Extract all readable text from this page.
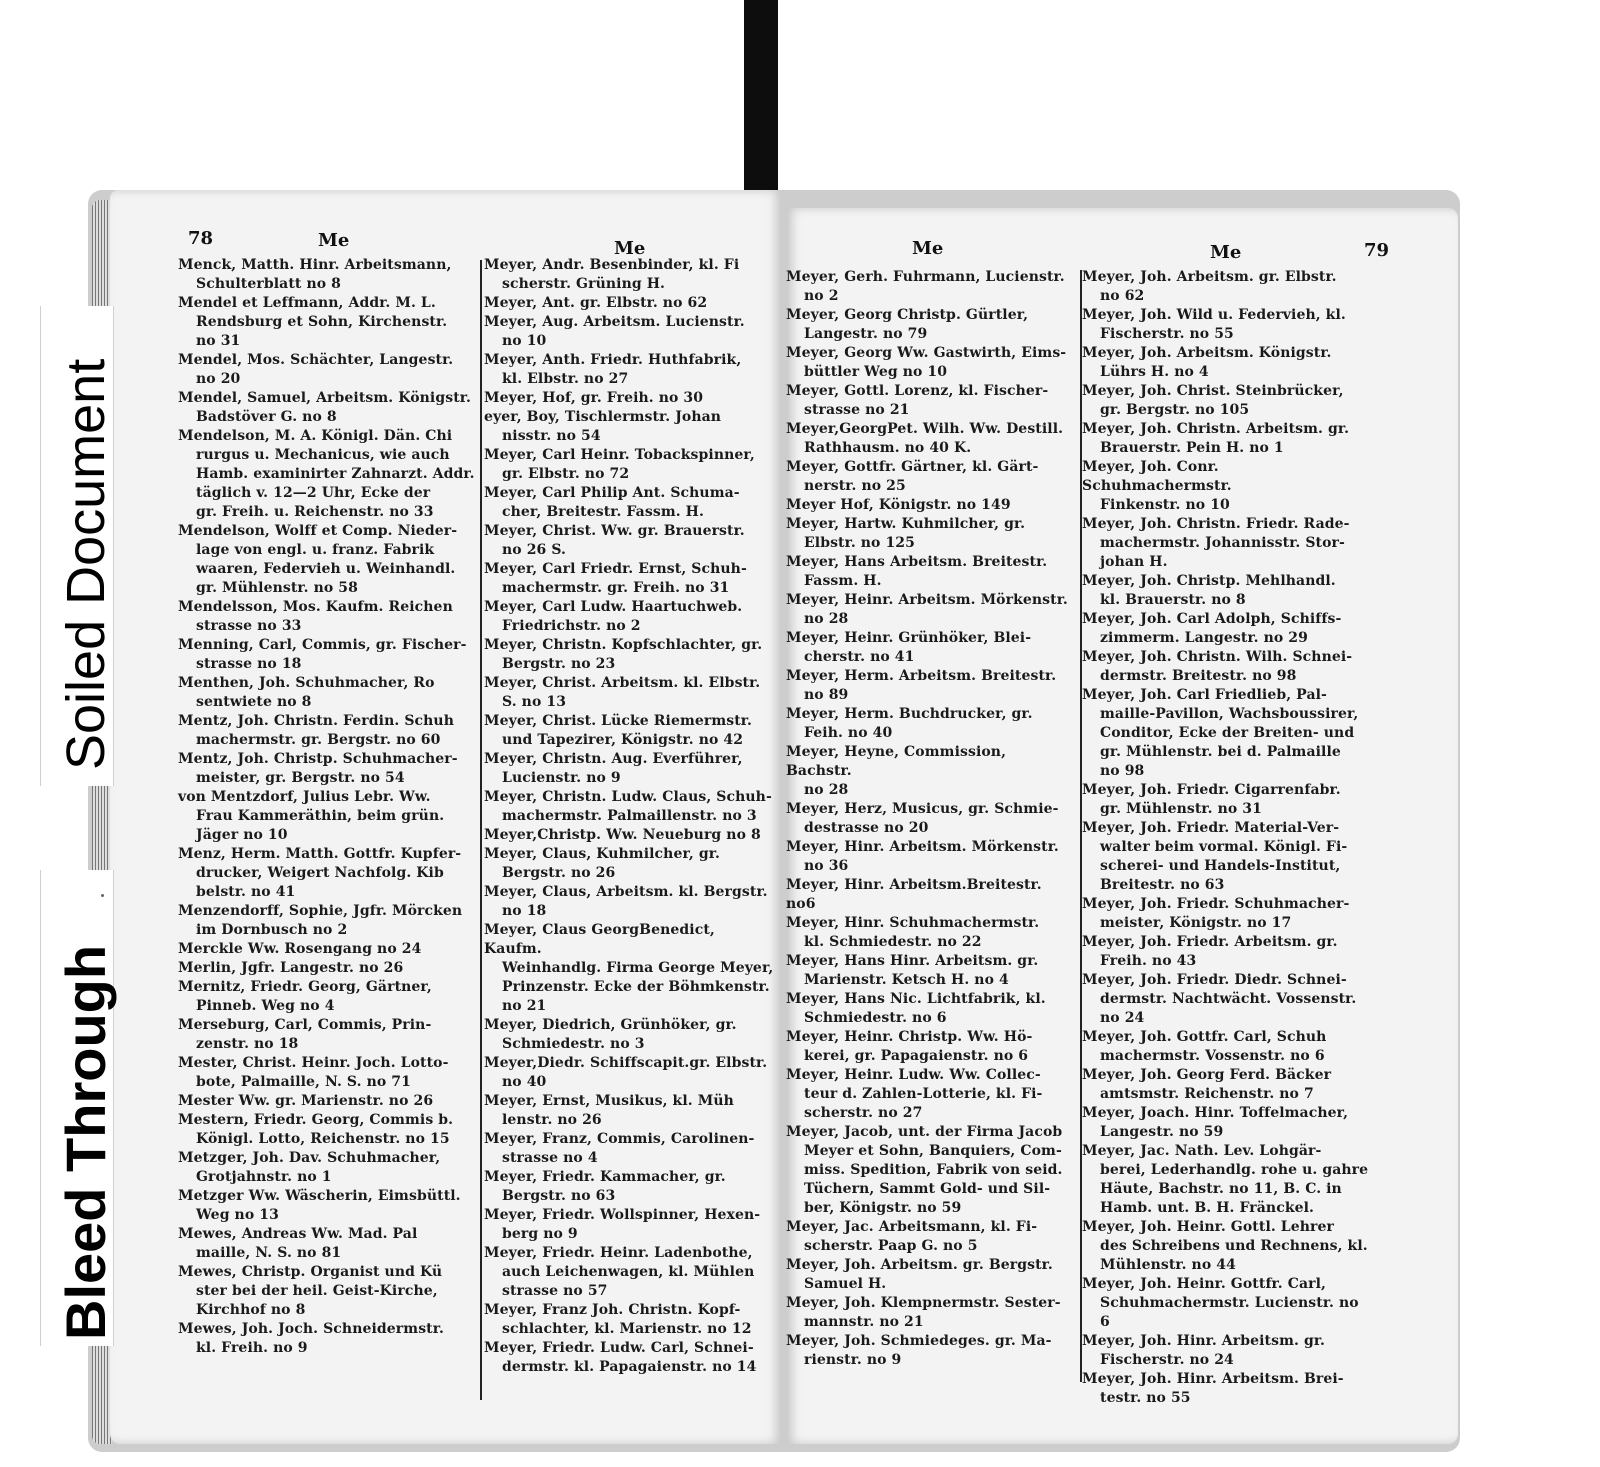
78	Me	Me
Menck, Matth. Hinr. Arbeitsmann,
Schulterblatt no 8
Mendel et Leffmann, Addr. M. L.
Rendsburg et Sohn, Kirchenstr.
no 31
Mendel, Mos. Schächter, Langestr.
no 20
Mendel, Samuel, Arbeitsm. Königstr.
Badstöver G. no 8
Mendelson, M. A. Königl. Dän. Chi
rurgus u. Mechanicus, wie auch
Hamb. examinirter Zahnarzt. Addr.
täglich v. 12—2 Uhr, Ecke der
gr. Freih. u. Reichenstr. no 33
Mendelson, Wolff et Comp. Nieder-
lage von engl. u. franz. Fabrik
waaren, Federvieh u. Weinhandl.
gr. Mühlenstr. no 58
Mendelsson, Mos. Kaufm. Reichen
strasse no 33
Menning, Carl, Commis, gr. Fischer-
strasse no 18
Menthen, Joh. Schuhmacher, Ro
sentwiete no 8
Mentz, Joh. Christn. Ferdin. Schuh
machermstr. gr. Bergstr. no 60
Mentz, Joh. Christp. Schuhmacher-
meister, gr. Bergstr. no 54
von Mentzdorf, Julius Lebr. Ww.
Frau Kammeräthin, beim grün.
Jäger no 10
Menz, Herm. Matth. Gottfr. Kupfer-
drucker, Weigert Nachfolg. Kib
belstr. no 41
Menzendorff, Sophie, Jgfr. Mörcken
im Dornbusch no 2
Merckle Ww. Rosengang no 24
Merlin, Jgfr. Langestr. no 26
Mernitz, Friedr. Georg, Gärtner,
Pinneb. Weg no 4
Merseburg, Carl, Commis, Prin-
zenstr. no 18
Mester, Christ. Heinr. Joch. Lotto-
bote, Palmaille, N. S. no 71
Mester Ww. gr. Marienstr. no 26
Mestern, Friedr. Georg, Commis b.
Königl. Lotto, Reichenstr. no 15
Metzger, Joh. Dav. Schuhmacher,
Grotjahnstr. no 1
Metzger Ww. Wäscherin, Eimsbüttl.
Weg no 13
Mewes, Andreas Ww. Mad. Pal
maille, N. S. no 81
Mewes, Christp. Organist und Kü
ster bei der heil. Geist-Kirche,
Kirchhof no 8
Mewes, Joh. Joch. Schneidermstr.
kl. Freih. no 9
Meyer, Andr. Besenbinder, kl. Fi
scherstr. Grüning H.
Meyer, Ant. gr. Elbstr. no 62
Meyer, Aug. Arbeitsm. Lucienstr.
no 10
Meyer, Anth. Friedr. Huthfabrik,
kl. Elbstr. no 27
Meyer, Hof, gr. Freih. no 30
eyer, Boy, Tischlermstr. Johan
nisstr. no 54
Meyer, Carl Heinr. Tobackspinner,
gr. Elbstr. no 72
Meyer, Carl Philip Ant. Schuma-
cher, Breitestr. Fassm. H.
Meyer, Christ. Ww. gr. Brauerstr.
no 26 S.
Meyer, Carl Friedr. Ernst, Schuh-
machermstr. gr. Freih. no 31
Meyer, Carl Ludw. Haartuchweb.
Friedrichstr. no 2
Meyer, Christn. Kopfschlachter, gr.
Bergstr. no 23
Meyer, Christ. Arbeitsm. kl. Elbstr.
S. no 13
Meyer, Christ. Lücke Riemermstr.
und Tapezirer, Königstr. no 42
Meyer, Christn. Aug. Everführer,
Lucienstr. no 9
Meyer, Christn. Ludw. Claus, Schuh-
machermstr. Palmaillenstr. no 3
Meyer,Christp. Ww. Neueburg no 8
Meyer, Claus, Kuhmilcher, gr.
Bergstr. no 26
Meyer, Claus, Arbeitsm. kl. Bergstr.
no 18
Meyer, Claus GeorgBenedict, Kaufm.
Weinhandlg. Firma George Meyer,
Prinzenstr. Ecke der Böhmkenstr.
no 21
Meyer, Diedrich, Grünhöker, gr.
Schmiedestr. no 3
Meyer,Diedr. Schiffscapit.gr. Elbstr.
no 40
Meyer, Ernst, Musikus, kl. Müh
lenstr. no 26
Meyer, Franz, Commis, Carolinen-
strasse no 4
Meyer, Friedr. Kammacher, gr.
Bergstr. no 63
Meyer, Friedr. Wollspinner, Hexen-
berg no 9
Meyer, Friedr. Heinr. Ladenbothe,
auch Leichenwagen, kl. Mühlen
strasse no 57
Meyer, Franz Joh. Christn. Kopf-
schlachter, kl. Marienstr. no 12
Meyer, Friedr. Ludw. Carl, Schnei-
dermstr. kl. Papagaienstr. no 14
Me	Me	79
Meyer, Gerh. Fuhrmann, Lucienstr.
no 2
Meyer, Georg Christp. Gürtler,
Langestr. no 79
Meyer, Georg Ww. Gastwirth, Eims-
büttler Weg no 10
Meyer, Gottl. Lorenz, kl. Fischer-
strasse no 21
Meyer,GeorgPet. Wilh. Ww. Destill.
Rathhausm. no 40 K.
Meyer, Gottfr. Gärtner, kl. Gärt-
nerstr. no 25
Meyer Hof, Königstr. no 149
Meyer, Hartw. Kuhmilcher, gr.
Elbstr. no 125
Meyer, Hans Arbeitsm. Breitestr.
Fassm. H.
Meyer, Heinr. Arbeitsm. Mörkenstr.
no 28
Meyer, Heinr. Grünhöker, Blei-
cherstr. no 41
Meyer, Herm. Arbeitsm. Breitestr.
no 89
Meyer, Herm. Buchdrucker, gr.
Feih. no 40
Meyer, Heyne, Commission, Bachstr.
no 28
Meyer, Herz, Musicus, gr. Schmie-
destrasse no 20
Meyer, Hinr. Arbeitsm. Mörkenstr.
no 36
Meyer, Hinr. Arbeitsm.Breitestr. no6
Meyer, Hinr. Schuhmachermstr.
kl. Schmiedestr. no 22
Meyer, Hans Hinr. Arbeitsm. gr.
Marienstr. Ketsch H. no 4
Meyer, Hans Nic. Lichtfabrik, kl.
Schmiedestr. no 6
Meyer, Heinr. Christp. Ww. Hö-
kerei, gr. Papagaienstr. no 6
Meyer, Heinr. Ludw. Ww. Collec-
teur d. Zahlen-Lotterie, kl. Fi-
scherstr. no 27
Meyer, Jacob, unt. der Firma Jacob
Meyer et Sohn, Banquiers, Com-
miss. Spedition, Fabrik von seid.
Tüchern, Sammt Gold- und Sil-
ber, Königstr. no 59
Meyer, Jac. Arbeitsmann, kl. Fi-
scherstr. Paap G. no 5
Meyer, Joh. Arbeitsm. gr. Bergstr.
Samuel H.
Meyer, Joh. Klempnermstr. Sester-
mannstr. no 21
Meyer, Joh. Schmiedeges. gr. Ma-
rienstr. no 9
Meyer, Joh. Arbeitsm. gr. Elbstr.
no 62
Meyer, Joh. Wild u. Federvieh, kl.
Fischerstr. no 55
Meyer, Joh. Arbeitsm. Königstr.
Lührs H. no 4
Meyer, Joh. Christ. Steinbrücker,
gr. Bergstr. no 105
Meyer, Joh. Christn. Arbeitsm. gr.
Brauerstr. Pein H. no 1
Meyer, Joh. Conr. Schuhmachermstr.
Finkenstr. no 10
Meyer, Joh. Christn. Friedr. Rade-
machermstr. Johannisstr. Stor-
johan H.
Meyer, Joh. Christp. Mehlhandl.
kl. Brauerstr. no 8
Meyer, Joh. Carl Adolph, Schiffs-
zimmerm. Langestr. no 29
Meyer, Joh. Christn. Wilh. Schnei-
dermstr. Breitestr. no 98
Meyer, Joh. Carl Friedlieb, Pal-
maille-Pavillon, Wachsboussirer,
Conditor, Ecke der Breiten- und
gr. Mühlenstr. bei d. Palmaille
no 98
Meyer, Joh. Friedr. Cigarrenfabr.
gr. Mühlenstr. no 31
Meyer, Joh. Friedr. Material-Ver-
walter beim vormal. Königl. Fi-
scherei- und Handels-Institut,
Breitestr. no 63
Meyer, Joh. Friedr. Schuhmacher-
meister, Königstr. no 17
Meyer, Joh. Friedr. Arbeitsm. gr.
Freih. no 43
Meyer, Joh. Friedr. Diedr. Schnei-
dermstr. Nachtwächt. Vossenstr.
no 24
Meyer, Joh. Gottfr. Carl, Schuh
machermstr. Vossenstr. no 6
Meyer, Joh. Georg Ferd. Bäcker
amtsmstr. Reichenstr. no 7
Meyer, Joach. Hinr. Toffelmacher,
Langestr. no 59
Meyer, Jac. Nath. Lev. Lohgär-
berei, Lederhandlg. rohe u. gahre
Häute, Bachstr. no 11, B. C. in
Hamb. unt. B. H. Fränckel.
Meyer, Joh. Heinr. Gottl. Lehrer
des Schreibens und Rechnens, kl.
Mühlenstr. no 44
Meyer, Joh. Heinr. Gottfr. Carl,
Schuhmachermstr. Lucienstr. no 6
Meyer, Joh. Hinr. Arbeitsm. gr.
Fischerstr. no 24
Meyer, Joh. Hinr. Arbeitsm. Brei-
testr. no 55
Soiled Document
Bleed Through
